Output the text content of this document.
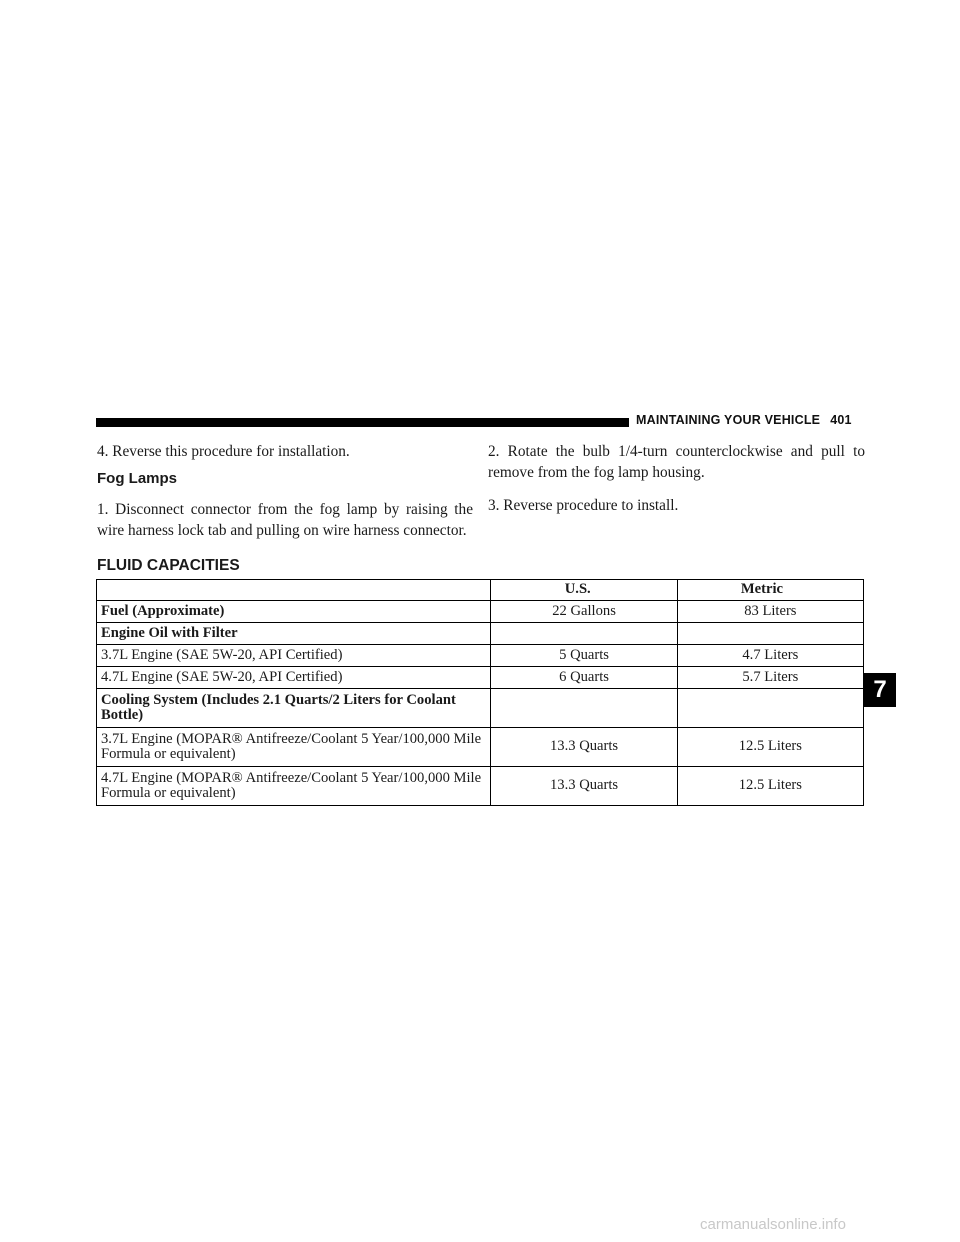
MAINTAINING YOUR VEHICLE 401

4. Reverse this procedure for installation.

Fog Lamps

1. Disconnect connector from the fog lamp by raising the wire harness lock tab and pulling on wire harness connector.

2. Rotate the bulb 1/4-turn counterclockwise and pull to remove from the fog lamp housing.

3. Reverse procedure to install.

FLUID CAPACITIES
	U.S.	Metric
Fuel (Approximate)	22 Gallons	83 Liters
Engine Oil with Filter		
3.7L Engine (SAE 5W-20, API Certified)	5 Quarts	4.7 Liters
4.7L Engine (SAE 5W-20, API Certified)	6 Quarts	5.7 Liters
Cooling System (Includes 2.1 Quarts/2 Liters for Coolant Bottle)		
3.7L Engine (MOPAR® Antifreeze/Coolant 5 Year/100,000 Mile Formula or equivalent)	13.3 Quarts	12.5 Liters
4.7L Engine (MOPAR® Antifreeze/Coolant 5 Year/100,000 Mile Formula or equivalent)	13.3 Quarts	12.5 Liters
7
carmanualsonline.info
